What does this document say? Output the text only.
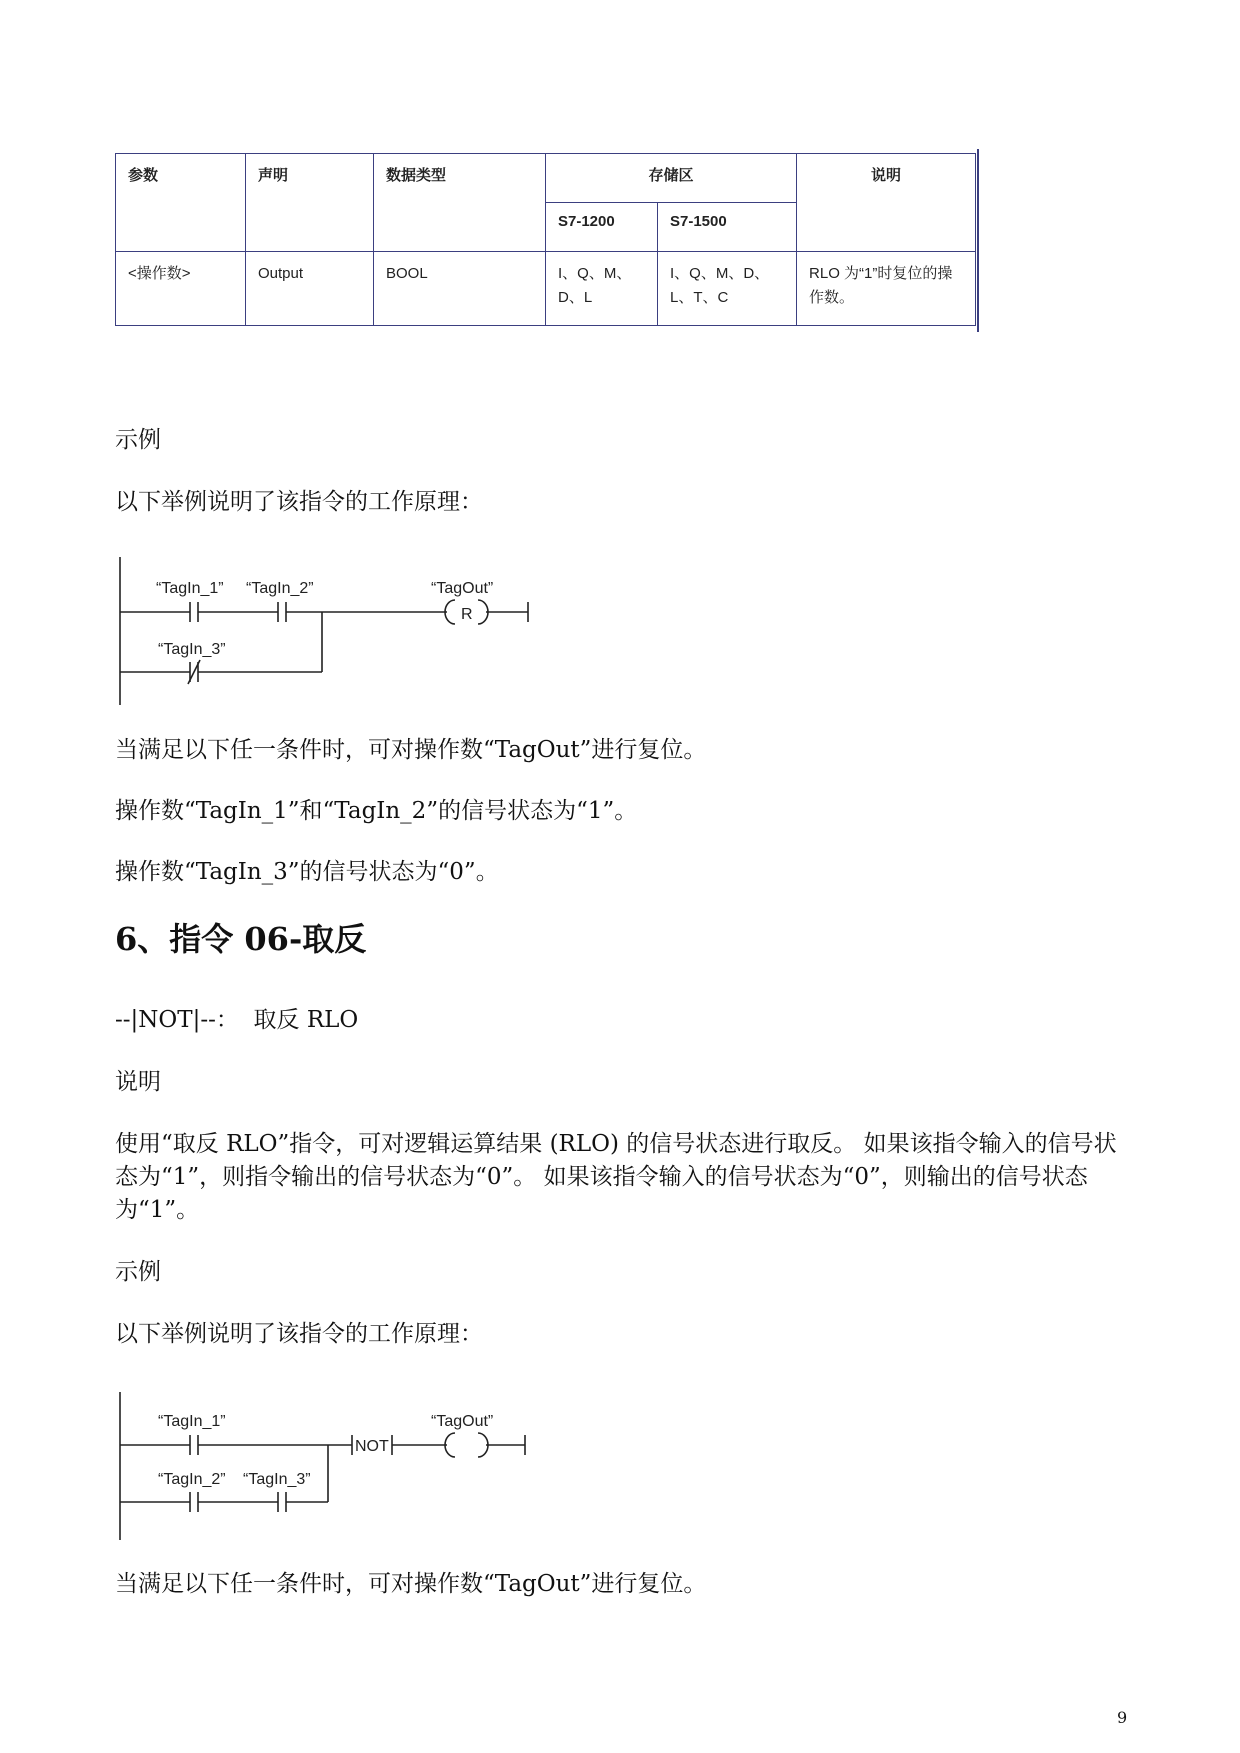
参数	声明	数据类型	存储区		说明
			S7-1200	S7-1500	
<操作数>	Output	BOOL	I、Q、M、D、L	I、Q、M、D、L、T、C	RLO 为“1”时复位的操作数。

示例

以下举例说明了该指令的工作原理：

“TagIn_1” “TagIn_2”	“TagOut”
R
“TagIn_3”

当满足以下任一条件时，可对操作数“TagOut”进行复位。

操作数“TagIn_1”和“TagIn_2”的信号状态为“1”。

操作数“TagIn_3”的信号状态为“0”。

6、指令 06-取反

--|NOT|--：  取反 RLO

说明

使用“取反 RLO”指令，可对逻辑运算结果 (RLO) 的信号状态进行取反。 如果该指令输入的信号状态为“1”，则指令输出的信号状态为“0”。 如果该指令输入的信号状态为“0”，则输出的信号状态为“1”。

示例

以下举例说明了该指令的工作原理：

“TagIn_1”
NOT
“TagOut”
“TagIn_2” “TagIn_3”

当满足以下任一条件时，可对操作数“TagOut”进行复位。

9
